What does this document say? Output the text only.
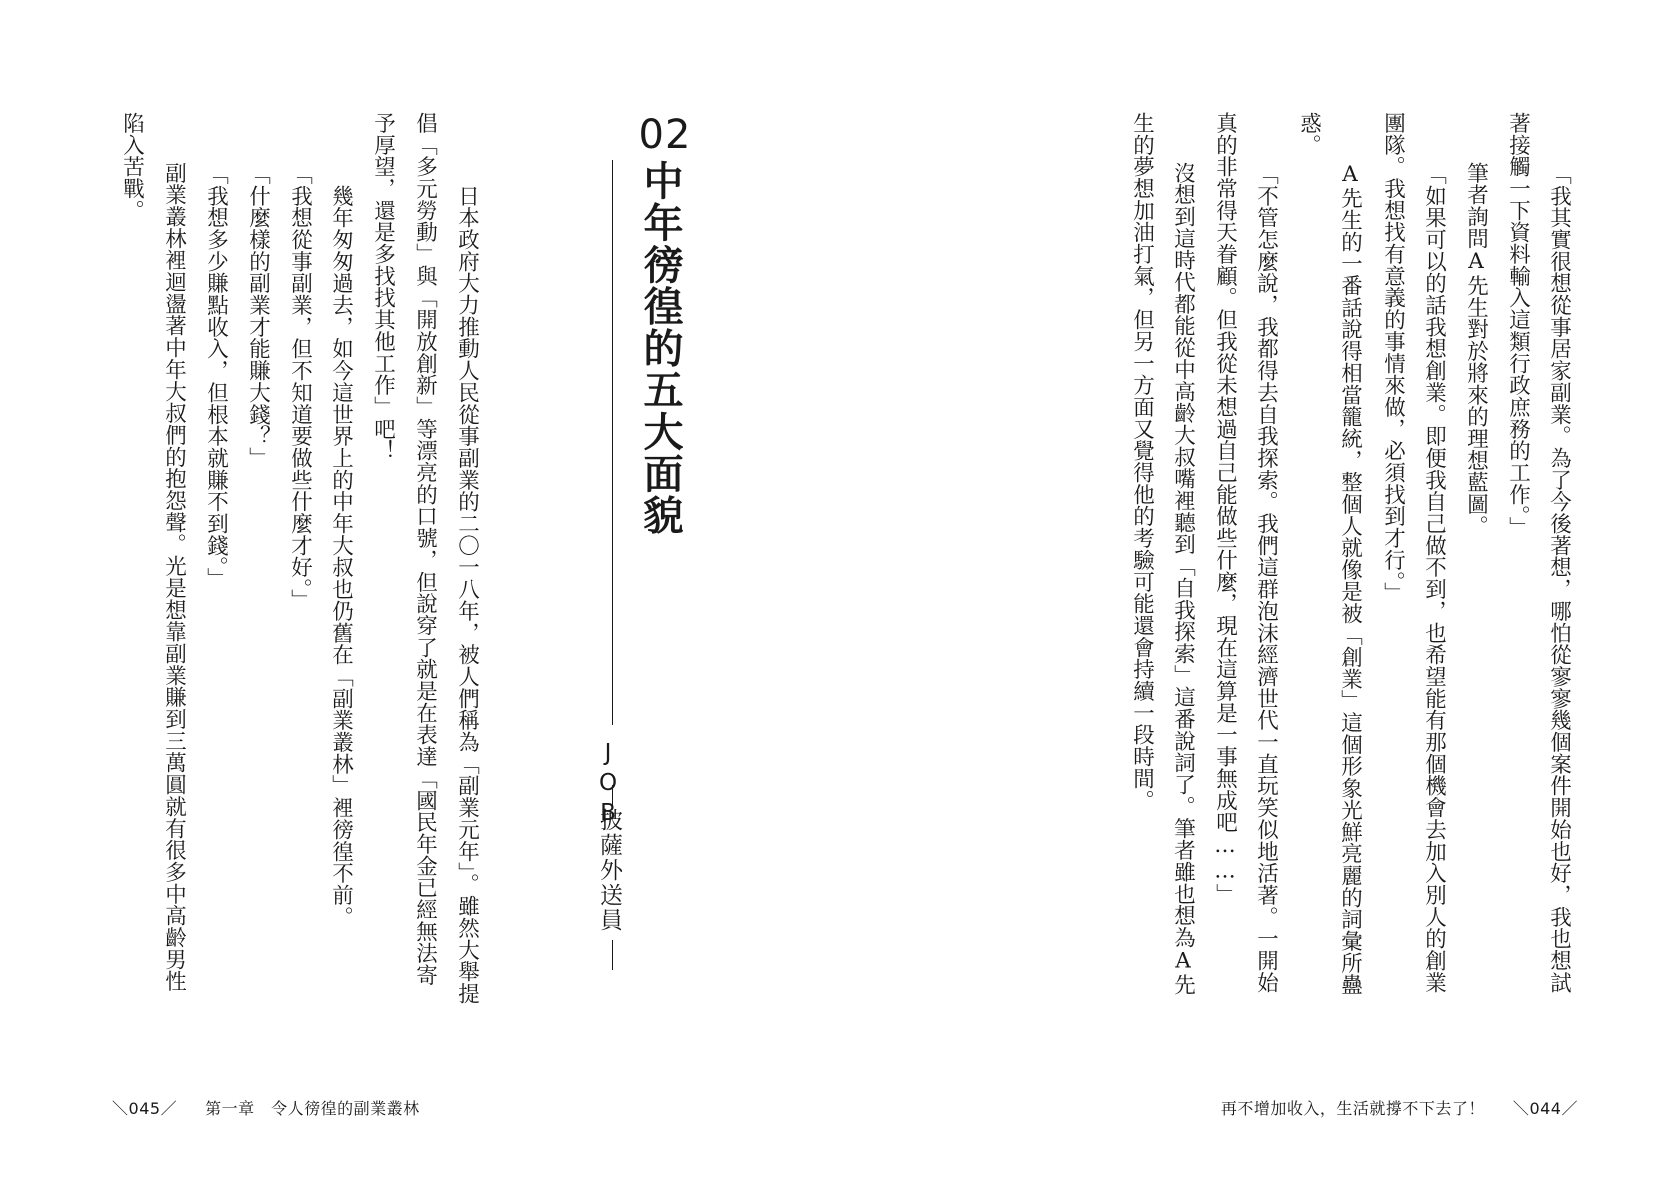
「我其實很想從事居家副業。為了今後著想，哪怕從寥寥幾個案件開始也好，我也想試
著接觸一下資料輸入這類行政庶務的工作。」
　筆者詢問A先生對於將來的理想藍圖。
「如果可以的話我想創業。即便我自己做不到，也希望能有那個機會去加入別人的創業
團隊。我想找有意義的事情來做，必須找到才行。」
　A先生的一番話說得相當籠統，整個人就像是被「創業」這個形象光鮮亮麗的詞彙所蠱
惑。
「不管怎麼說，我都得去自我探索。我們這群泡沫經濟世代一直玩笑似地活著。一開始
真的非常得天眷顧。但我從未想過自己能做些什麼，現在這算是一事無成吧……」
　沒想到這時代都能從中高齡大叔嘴裡聽到「自我探索」這番說詞了。筆者雖也想為A先
生的夢想加油打氣，但另一方面又覺得他的考驗可能還會持續一段時間。
再不增加收入，生活就撐不下去了！ ＼044／
02
中年徬徨的五大面貌
JOB
披薩外送員
　日本政府大力推動人民從事副業的二〇一八年，被人們稱為「副業元年」。雖然大舉提
倡「多元勞動」與「開放創新」等漂亮的口號，但說穿了就是在表達「國民年金已經無法寄
予厚望，還是多找找其他工作」吧！
　幾年匆匆過去，如今這世界上的中年大叔也仍舊在「副業叢林」裡徬徨不前。
「我想從事副業，但不知道要做些什麼才好。」
「什麼樣的副業才能賺大錢？」
「我想多少賺點收入，但根本就賺不到錢。」
　副業叢林裡迴盪著中年大叔們的抱怨聲。光是想靠副業賺到三萬圓就有很多中高齡男性
陷入苦戰。
＼045／ 第一章　令人徬徨的副業叢林
